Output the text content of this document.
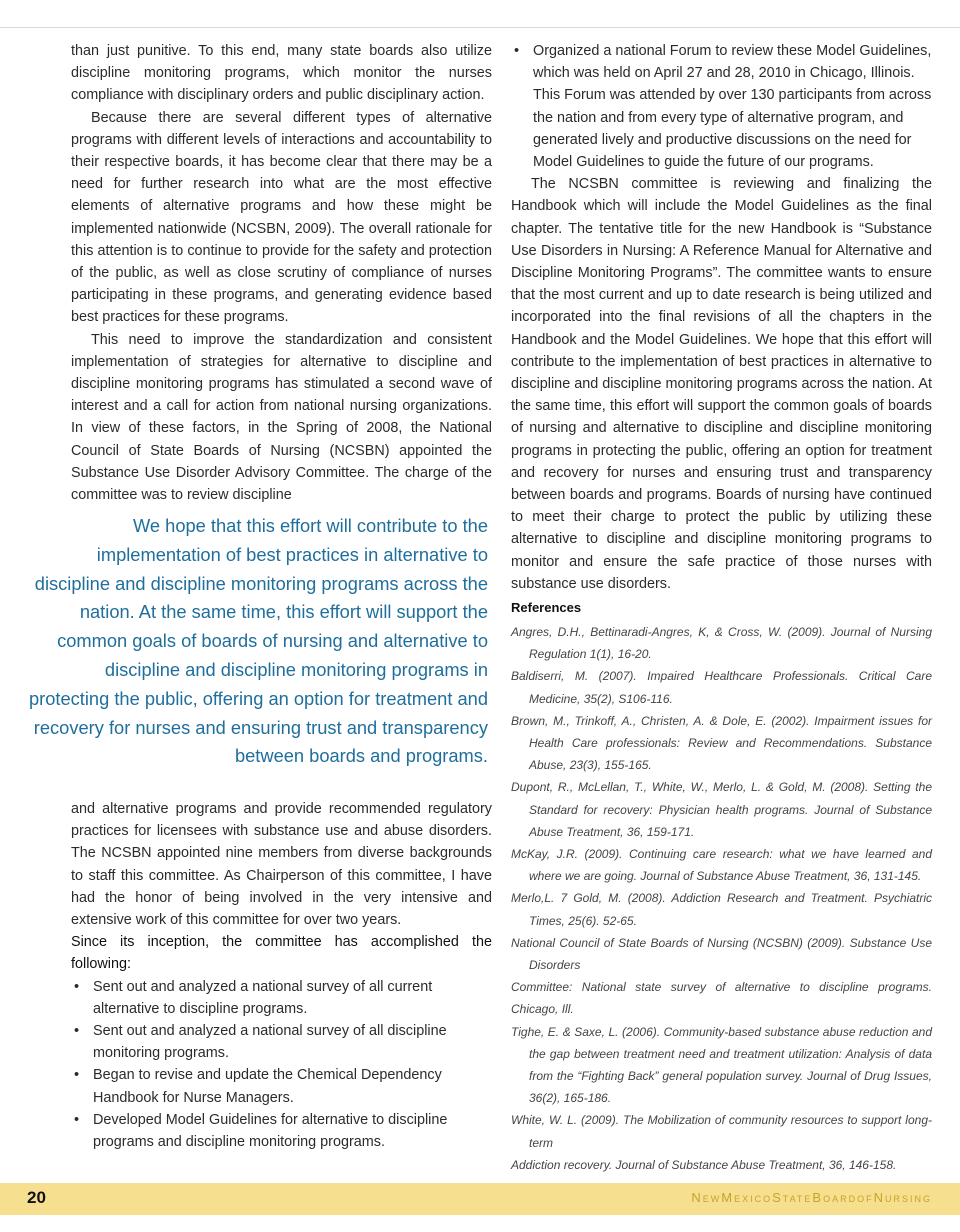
than just punitive. To this end, many state boards also utilize discipline monitoring programs, which monitor the nurses compliance with disciplinary orders and public disciplinary action.

Because there are several different types of alternative programs with different levels of interactions and accountability to their respective boards, it has become clear that there may be a need for further research into what are the most effective elements of alternative programs and how these might be implemented nationwide (NCSBN, 2009). The overall rationale for this attention is to continue to provide for the safety and protection of the public, as well as close scrutiny of compliance of nurses participating in these programs, and generating evidence based best practices for these programs.

This need to improve the standardization and consistent implementation of strategies for alternative to discipline and discipline monitoring programs has stimulated a second wave of interest and a call for action from national nursing organizations. In view of these factors, in the Spring of 2008, the National Council of State Boards of Nursing (NCSBN) appointed the Substance Use Disorder Advisory Committee. The charge of the committee was to review discipline

We hope that this effort will contribute to the implementation of best practices in alternative to discipline and discipline monitoring programs across the nation. At the same time, this effort will support the common goals of boards of nursing and alternative to discipline and discipline monitoring programs in protecting the public, offering an option for treatment and recovery for nurses and ensuring trust and transparency between boards and programs.

and alternative programs and provide recommended regulatory practices for licensees with substance use and abuse disorders. The NCSBN appointed nine members from diverse backgrounds to staff this committee. As Chairperson of this committee, I have had the honor of being involved in the very intensive and extensive work of this committee for over two years.

Since its inception, the committee has accomplished the following:

• Sent out and analyzed a national survey of all current alternative to discipline programs.
• Sent out and analyzed a national survey of all discipline monitoring programs.
• Began to revise and update the Chemical Dependency Handbook for Nurse Managers.
• Developed Model Guidelines for alternative to discipline programs and discipline monitoring programs.
• Organized a national Forum to review these Model Guidelines, which was held on April 27 and 28, 2010 in Chicago, Illinois. This Forum was attended by over 130 participants from across the nation and from every type of alternative program, and generated lively and productive discussions on the need for Model Guidelines to guide the future of our programs.

The NCSBN committee is reviewing and finalizing the Handbook which will include the Model Guidelines as the final chapter. The tentative title for the new Handbook is “Substance Use Disorders in Nursing: A Reference Manual for Alternative and Discipline Monitoring Programs”. The committee wants to ensure that the most current and up to date research is being utilized and incorporated into the final revisions of all the chapters in the Handbook and the Model Guidelines. We hope that this effort will contribute to the implementation of best practices in alternative to discipline and discipline monitoring programs across the nation. At the same time, this effort will support the common goals of boards of nursing and alternative to discipline and discipline monitoring programs in protecting the public, offering an option for treatment and recovery for nurses and ensuring trust and transparency between boards and programs. Boards of nursing have continued to meet their charge to protect the public by utilizing these alternative to discipline and discipline monitoring programs to monitor and ensure the safe practice of those nurses with substance use disorders.

References

Angres, D.H., Bettinaradi-Angres, K, & Cross, W. (2009). Journal of Nursing Regulation 1(1), 16-20.

Baldiserri, M. (2007). Impaired Healthcare Professionals. Critical Care Medicine, 35(2), S106-116.

Brown, M., Trinkoff, A., Christen, A. & Dole, E. (2002). Impairment issues for Health Care professionals: Review and Recommendations. Substance Abuse, 23(3), 155-165.

Dupont, R., McLellan, T., White, W., Merlo, L. & Gold, M. (2008). Setting the Standard for recovery: Physician health programs. Journal of Substance Abuse Treatment, 36, 159-171.

McKay, J.R. (2009). Continuing care research: what we have learned and where we are going. Journal of Substance Abuse Treatment, 36, 131-145.

Merlo,L. 7 Gold, M. (2008). Addiction Research and Treatment. Psychiatric Times, 25(6). 52-65.

National Council of State Boards of Nursing (NCSBN) (2009). Substance Use Disorders

Committee: National state survey of alternative to discipline programs. Chicago, Ill.

Tighe, E. & Saxe, L. (2006). Community-based substance abuse reduction and the gap between treatment need and treatment utilization: Analysis of data from the “Fighting Back” general population survey. Journal of Drug Issues, 36(2), 165-186.

White, W. L. (2009). The Mobilization of community resources to support long-term

Addiction recovery. Journal of Substance Abuse Treatment, 36, 146-158.

20	NewMexicoStateBoardofNursing
